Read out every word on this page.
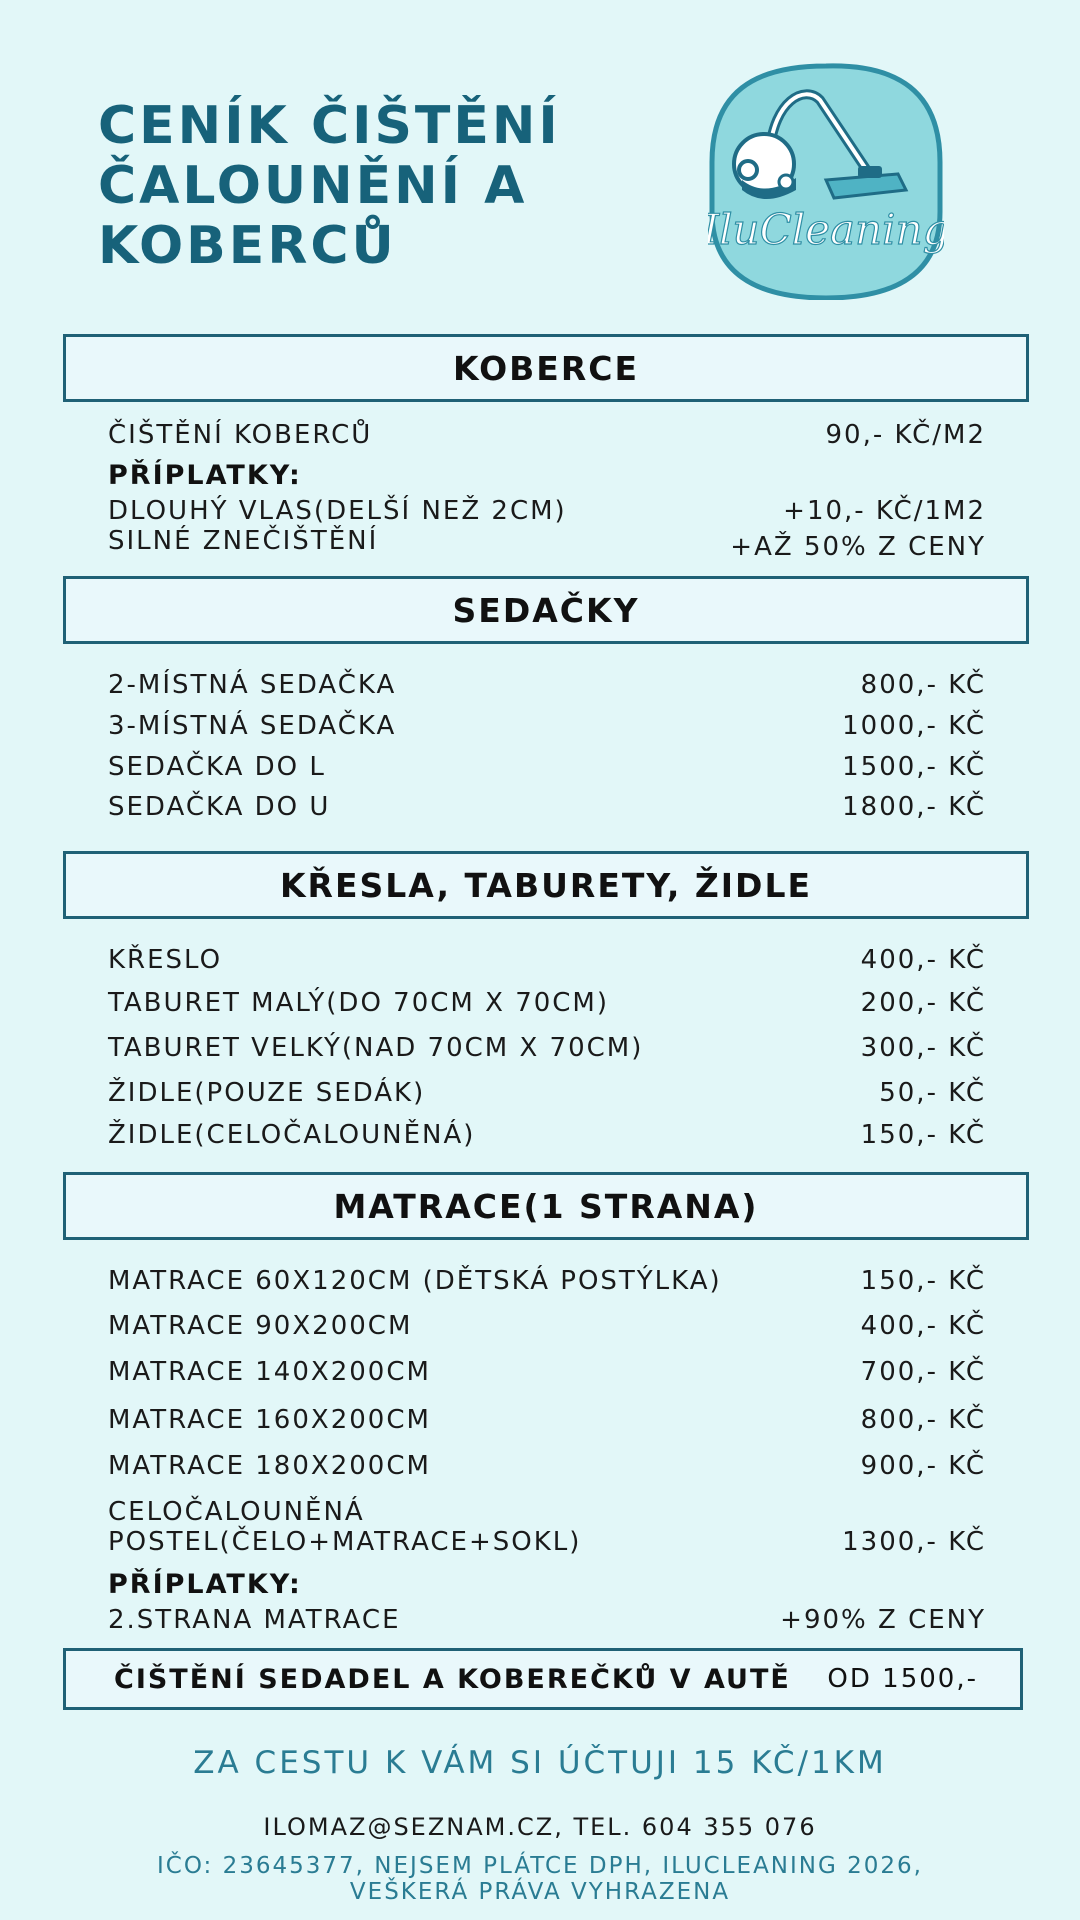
CENÍK ČIŠTĚNÍ
ČALOUNĚNÍ A
KOBERCŮ	IluCleaning
KOBERCE
ČIŠTĚNÍ KOBERCŮ	90,- KČ/M2
PŘÍPLATKY:
DLOUHÝ VLAS(DELŠÍ NEŽ 2CM)	+10,- KČ/1M2
SILNÉ ZNEČIŠTĚNÍ	+AŽ 50% Z CENY
SEDAČKY
2-MÍSTNÁ SEDAČKA	800,- KČ
3-MÍSTNÁ SEDAČKA	1000,- KČ
SEDAČKA DO L	1500,- KČ
SEDAČKA DO U	1800,- KČ
KŘESLA, TABURETY, ŽIDLE
KŘESLO	400,- KČ
TABURET MALÝ(DO 70CM X 70CM)	200,- KČ
TABURET VELKÝ(NAD 70CM X 70CM)	300,- KČ
ŽIDLE(POUZE SEDÁK)	50,- KČ
ŽIDLE(CELOČALOUNĚNÁ)	150,- KČ
MATRACE(1 STRANA)
MATRACE 60X120CM (DĚTSKÁ POSTÝLKA)	150,- KČ
MATRACE 90X200CM	400,- KČ
MATRACE 140X200CM	700,- KČ
MATRACE 160X200CM	800,- KČ
MATRACE 180X200CM	900,- KČ
CELOČALOUNĚNÁ
POSTEL(ČELO+MATRACE+SOKL)	1300,- KČ
PŘÍPLATKY:
2.STRANA MATRACE	+90% Z CENY
ČIŠTĚNÍ SEDADEL A KOBEREČKŮ V AUTĚ OD 1500,-
ZA CESTU K VÁM SI ÚČTUJI 15 KČ/1KM
ILOMAZ@SEZNAM.CZ, TEL. 604 355 076
IČO: 23645377, NEJSEM PLÁTCE DPH, ILUCLEANING 2026,
VEŠKERÁ PRÁVA VYHRAZENA
